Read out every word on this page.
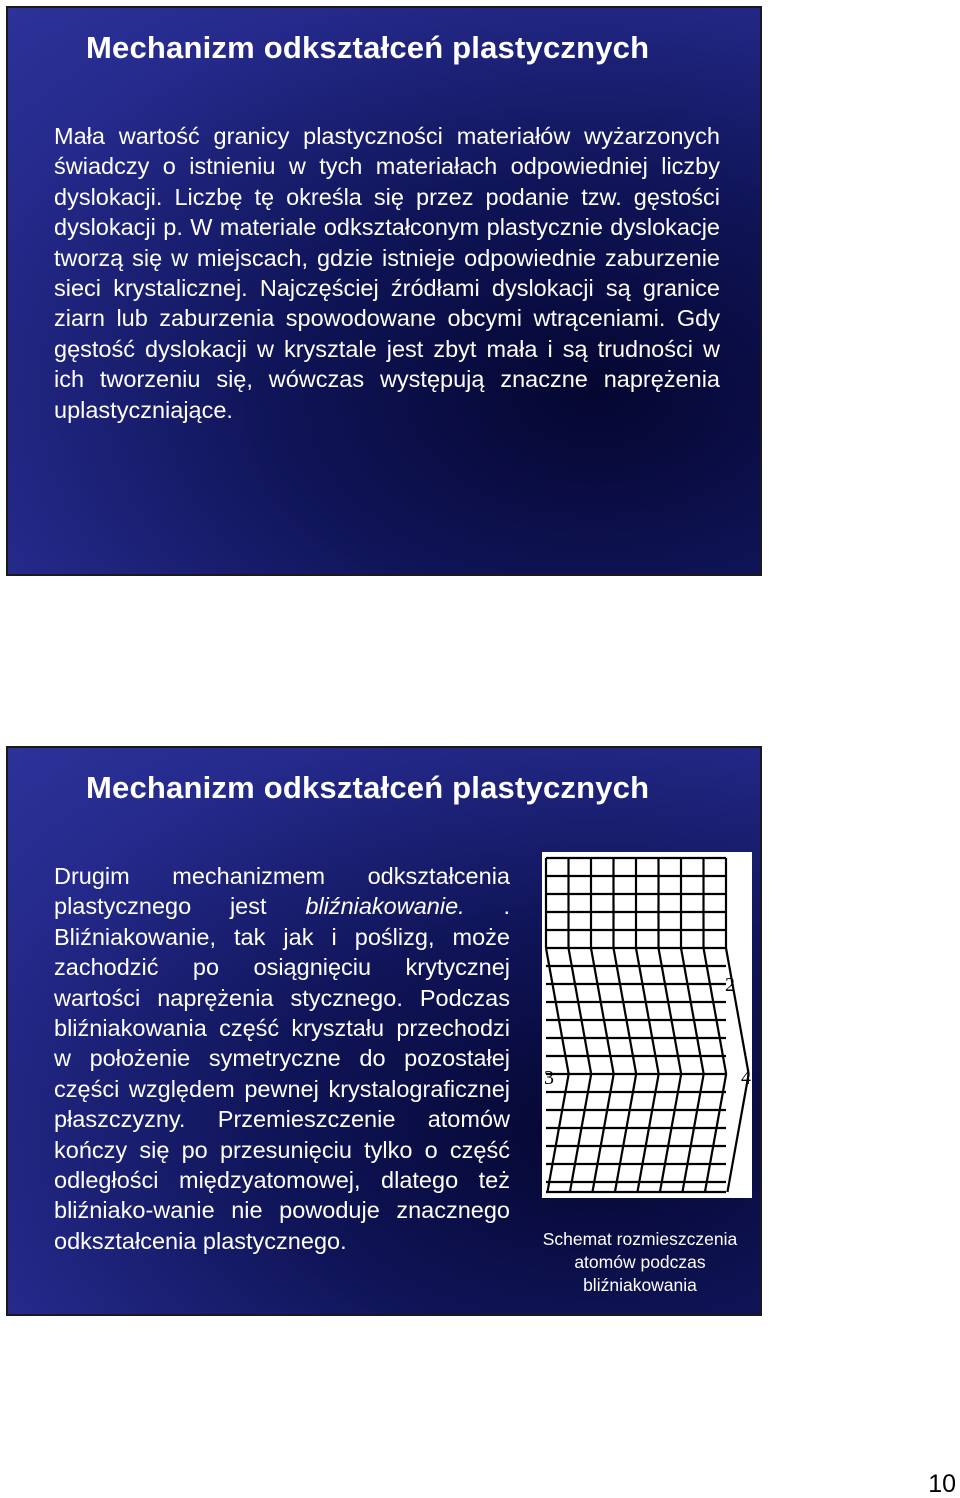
Mechanizm odkształceń plastycznych

Mała wartość granicy plastyczności materiałów wyżarzonych świadczy o istnieniu w tych materiałach odpowiedniej liczby dyslokacji. Liczbę tę określa się przez podanie tzw. gęstości dyslokacji p. W materiale odkształconym plastycznie dyslokacje tworzą się w miejscach, gdzie istnieje odpowiednie zaburzenie sieci krystalicznej. Najczęściej źródłami dyslokacji są granice ziarn lub zaburzenia spowodowane obcymi wtrąceniami. Gdy gęstość dyslokacji w krysztale jest zbyt mała i są trudności w ich tworzeniu się, wówczas występują znaczne naprężenia uplastyczniające.

Mechanizm odkształceń plastycznych

Drugim mechanizmem odkształcenia plastycznego jest bliźniakowanie. . Bliźniakowanie, tak jak i poślizg, może zachodzić po osiągnięciu krytycznej wartości naprężenia stycznego. Podczas bliźniakowania część kryształu przechodzi w położenie symetryczne do pozostałej części względem pewnej krystalograficznej płaszczyzny. Przemieszczenie atomów kończy się po przesunięciu tylko o część odległości międzyatomowej, dlatego też bliźniako-wanie nie powoduje znacznego odkształcenia plastycznego.

2
3	4
Schemat rozmieszczenia
atomów podczas
bliźniakowania
10
